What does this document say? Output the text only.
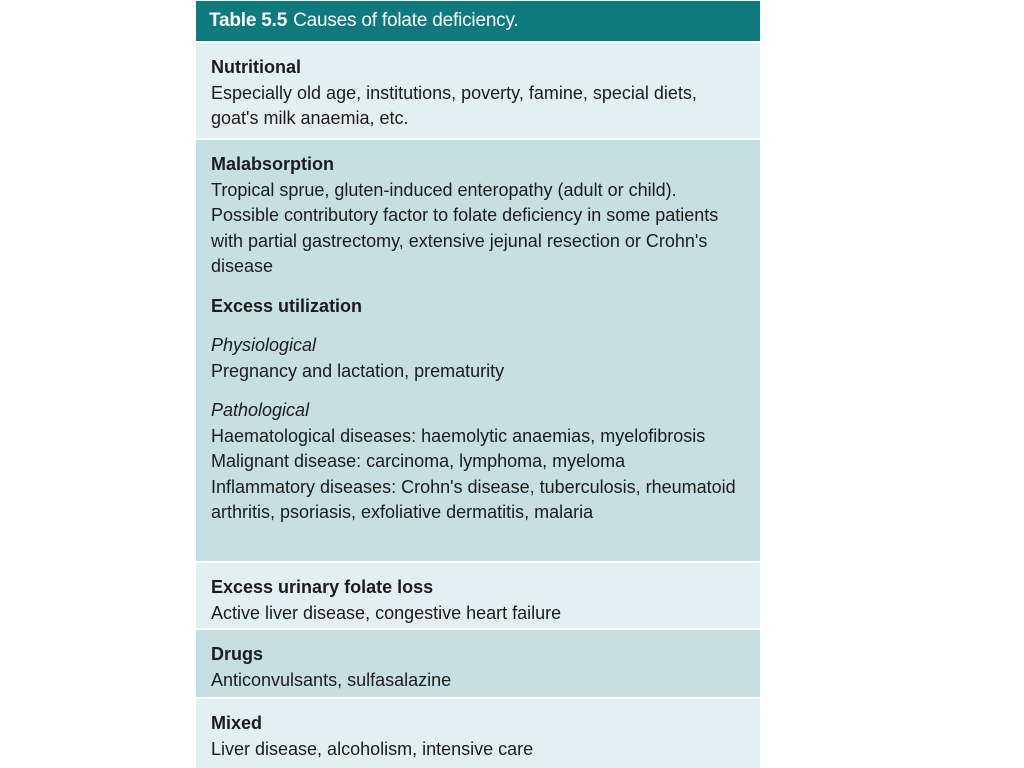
Table 5.5 Causes of folate deficiency.
Nutritional
Especially old age, institutions, poverty, famine, special diets, goat's milk anaemia, etc.
Malabsorption
Tropical sprue, gluten-induced enteropathy (adult or child). Possible contributory factor to folate deficiency in some patients with partial gastrectomy, extensive jejunal resection or Crohn's disease
Excess utilization
Physiological
Pregnancy and lactation, prematurity
Pathological
Haematological diseases: haemolytic anaemias, myelofibrosis
Malignant disease: carcinoma, lymphoma, myeloma
Inflammatory diseases: Crohn's disease, tuberculosis, rheumatoid arthritis, psoriasis, exfoliative dermatitis, malaria
Excess urinary folate loss
Active liver disease, congestive heart failure
Drugs
Anticonvulsants, sulfasalazine
Mixed
Liver disease, alcoholism, intensive care
